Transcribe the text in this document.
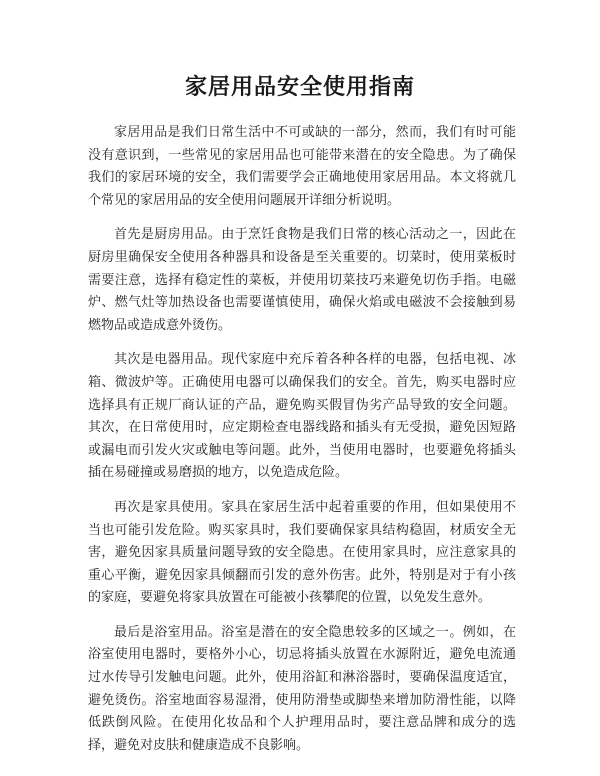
家居用品安全使用指南

家居用品是我们日常生活中不可或缺的一部分，然而，我们有时可能没有意识到，一些常见的家居用品也可能带来潜在的安全隐患。为了确保我们的家居环境的安全，我们需要学会正确地使用家居用品。本文将就几个常见的家居用品的安全使用问题展开详细分析说明。

首先是厨房用品。由于烹饪食物是我们日常的核心活动之一，因此在厨房里确保安全使用各种器具和设备是至关重要的。切菜时，使用菜板时需要注意，选择有稳定性的菜板，并使用切菜技巧来避免切伤手指。电磁炉、燃气灶等加热设备也需要谨慎使用，确保火焰或电磁波不会接触到易燃物品或造成意外烫伤。

其次是电器用品。现代家庭中充斥着各种各样的电器，包括电视、冰箱、微波炉等。正确使用电器可以确保我们的安全。首先，购买电器时应选择具有正规厂商认证的产品，避免购买假冒伪劣产品导致的安全问题。其次，在日常使用时，应定期检查电器线路和插头有无受损，避免因短路或漏电而引发火灾或触电等问题。此外，当使用电器时，也要避免将插头插在易碰撞或易磨损的地方，以免造成危险。

再次是家具使用。家具在家居生活中起着重要的作用，但如果使用不当也可能引发危险。购买家具时，我们要确保家具结构稳固，材质安全无害，避免因家具质量问题导致的安全隐患。在使用家具时，应注意家具的重心平衡，避免因家具倾翻而引发的意外伤害。此外，特别是对于有小孩的家庭，要避免将家具放置在可能被小孩攀爬的位置，以免发生意外。

最后是浴室用品。浴室是潜在的安全隐患较多的区域之一。例如，在浴室使用电器时，要格外小心，切忌将插头放置在水源附近，避免电流通过水传导引发触电问题。此外，使用浴缸和淋浴器时，要确保温度适宜，避免烫伤。浴室地面容易湿滑，使用防滑垫或脚垫来增加防滑性能，以降低跌倒风险。在使用化妆品和个人护理用品时，要注意品牌和成分的选择，避免对皮肤和健康造成不良影响。
